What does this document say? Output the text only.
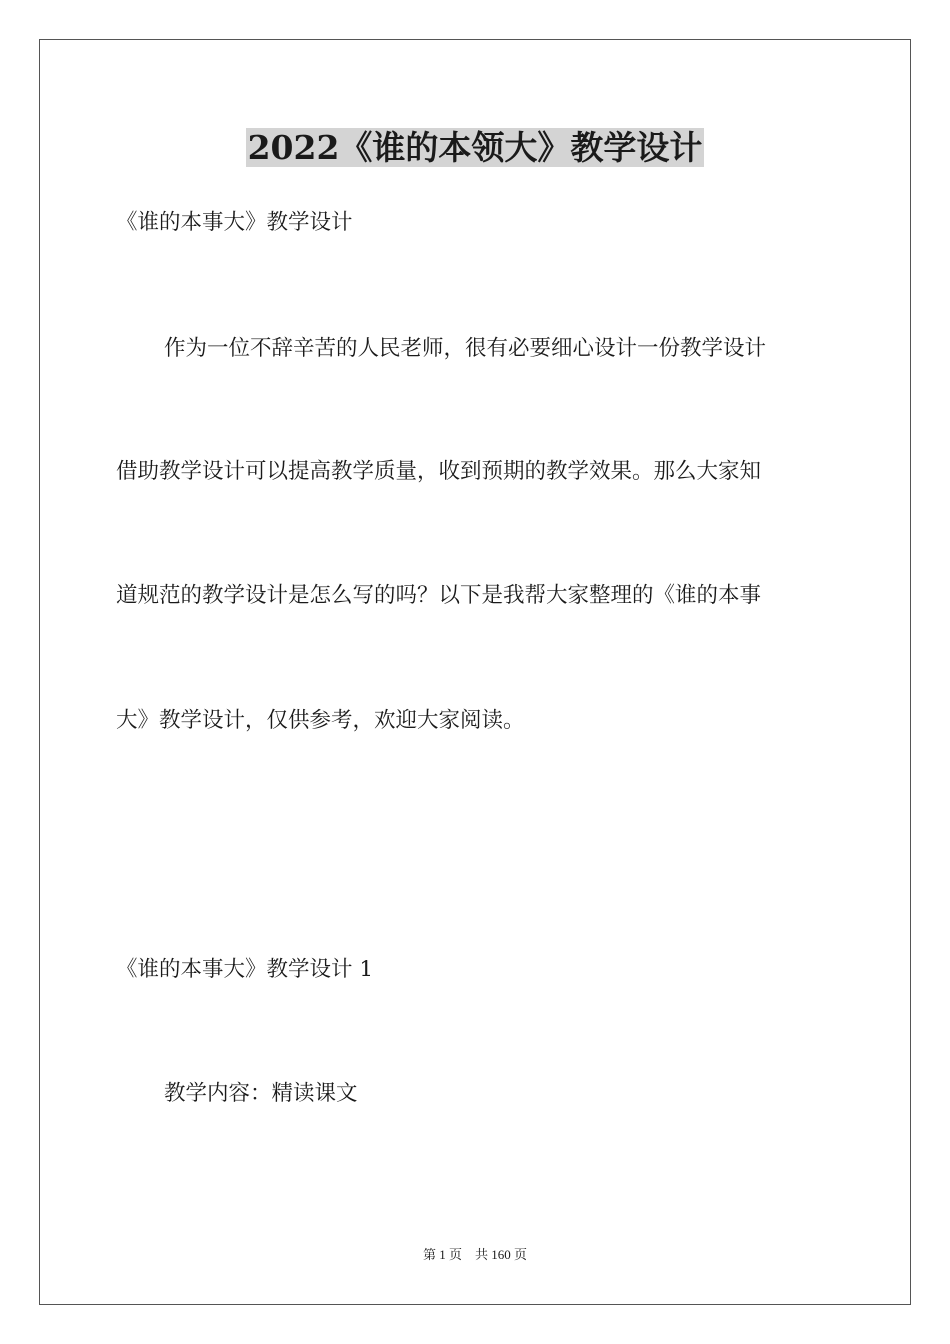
2022《谁的本领大》教学设计
《谁的本事大》教学设计
作为一位不辞辛苦的人民老师，很有必要细心设计一份教学设计
借助教学设计可以提高教学质量，收到预期的教学效果。那么大家知
道规范的教学设计是怎么写的吗？以下是我帮大家整理的《谁的本事
大》教学设计，仅供参考，欢迎大家阅读。
《谁的本事大》教学设计 1
教学内容：精读课文
第 1 页　共 160 页
